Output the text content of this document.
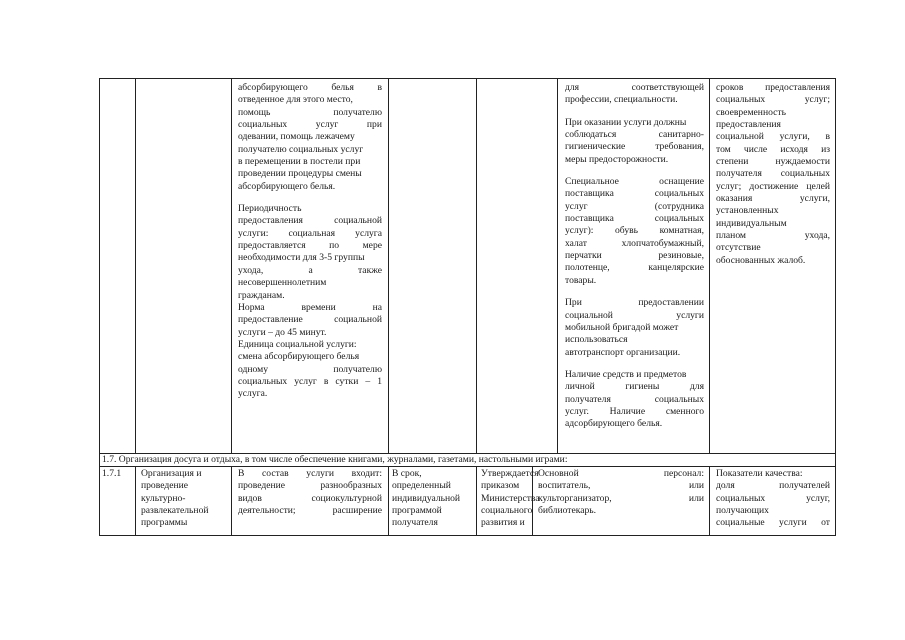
абсорбирующего белья в

отведенное для этого место,

помощь получателю

социальных услуг при

одевании, помощь лежачему

получателю социальных услуг

в перемещении в постели при

проведении процедуры смены

абсорбирующего белья.

Периодичность

предоставления социальной

услуги: социальная услуга

предоставляется по мере

необходимости для 3-5 группы

ухода, а также

несовершеннолетним

гражданам.

Норма времени на

предоставление социальной

услуги – до 45 минут.

Единица социальной услуги:

смена абсорбирующего белья

одному получателю

социальных услуг в сутки – 1

услуга.

для соответствующей

профессии, специальности.

При оказании услуги должны

соблюдаться санитарно-

гигиенические требования,

меры предосторожности.

Специальное оснащение

поставщика социальных

услуг (сотрудника

поставщика социальных

услуг): обувь комнатная,

халат хлопчатобумажный,

перчатки резиновые,

полотенце, канцелярские

товары.

При предоставлении

социальной услуги

мобильной бригадой может

использоваться

автотранспорт организации.

Наличие средств и предметов

личной гигиены для

получателя социальных

услуг. Наличие сменного

адсорбирующего белья.

сроков предоставления

социальных услуг;

своевременность

предоставления

социальной услуги, в

том числе исходя из

степени нуждаемости

получателя социальных

услуг; достижение целей

оказания услуги,

установленных

индивидуальным

планом ухода,

отсутствие

обоснованных жалоб.

1.7. Организация досуга и отдыха, в том числе обеспечение книгами, журналами, газетами, настольными играми:

1.7.1	Организация и

проведение

культурно-

развлекательной

программы

В состав услуги входит:

проведение разнообразных

видов социокультурной

деятельности; расширение

В срок,

определенный

индивидуальной

программой

получателя

Утверждается

приказом

Министерства

социального

развития и

Основной персонал:

воспитатель, или

культорганизатор, или

библиотекарь.

Показатели качества:

доля получателей

социальных услуг,

получающих

социальные услуги от
